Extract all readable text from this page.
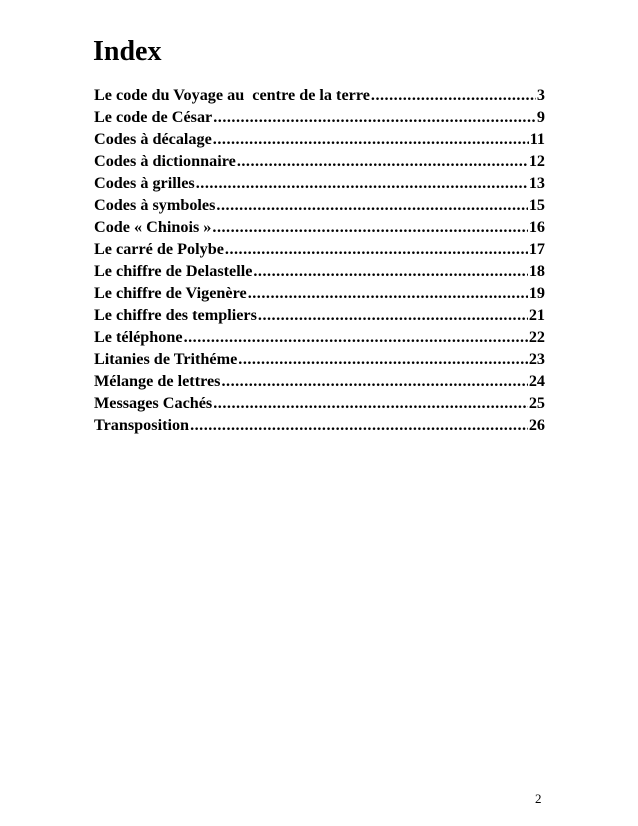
Index
Le code du Voyage au  centre de la terre .....	3
Le code de César .....	9
Codes à décalage .....	11
Codes à dictionnaire .....	12
Codes à grilles .....	13
Codes à symboles .....	15
Code « Chinois » .....	16
Le carré de Polybe .....	17
Le chiffre de Delastelle .....	18
Le chiffre de Vigenère .....	19
Le chiffre des templiers .....	21
Le téléphone .....	22
Litanies de Trithéme .....	23
Mélange de lettres .....	24
Messages Cachés .....	25
Transposition .....	26
2
